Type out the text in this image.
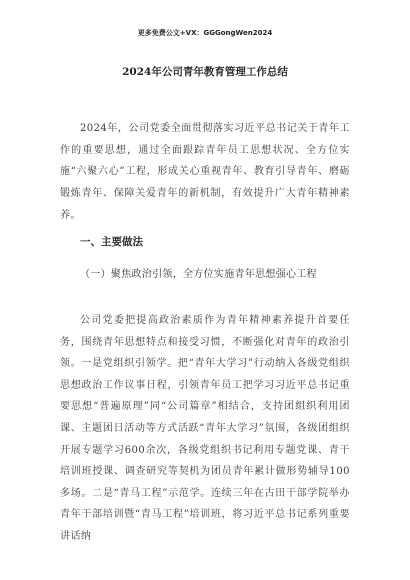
更多免费公文+VX：GGGongWen2024
2024年公司青年教育管理工作总结

2024年，公司党委全面贯彻落实习近平总书记关于青年工作的重要思想，通过全面跟踪青年员工思想状况、全方位实施“六聚六心”工程，形成关心重视青年、教育引导青年、磨砺锻炼青年、保障关爱青年的新机制，有效提升广大青年精神素养。

一、主要做法
（一）聚焦政治引领，全方位实施青年思想强心工程

公司党委把提高政治素质作为青年精神素养提升首要任务，围绕青年思想特点和接受习惯，不断强化对青年的政治引领。一是党组织引领学。把“青年大学习”行动纳入各级党组织思想政治工作议事日程，引领青年员工把学习习近平总书记重要思想“普遍原理”同“公司篇章”相结合，支持团组织利用团课、主题团日活动等方式活跃“青年大学习”氛围，各级团组织开展专题学习600余次，各级党组织书记利用专题党课、青干培训班授课、调查研究等契机为团员青年累计做形势辅导100多场。二是“青马工程”示范学。连续三年在古田干部学院举办青年干部培训暨“青马工程”培训班，将习近平总书记系列重要讲话纳
